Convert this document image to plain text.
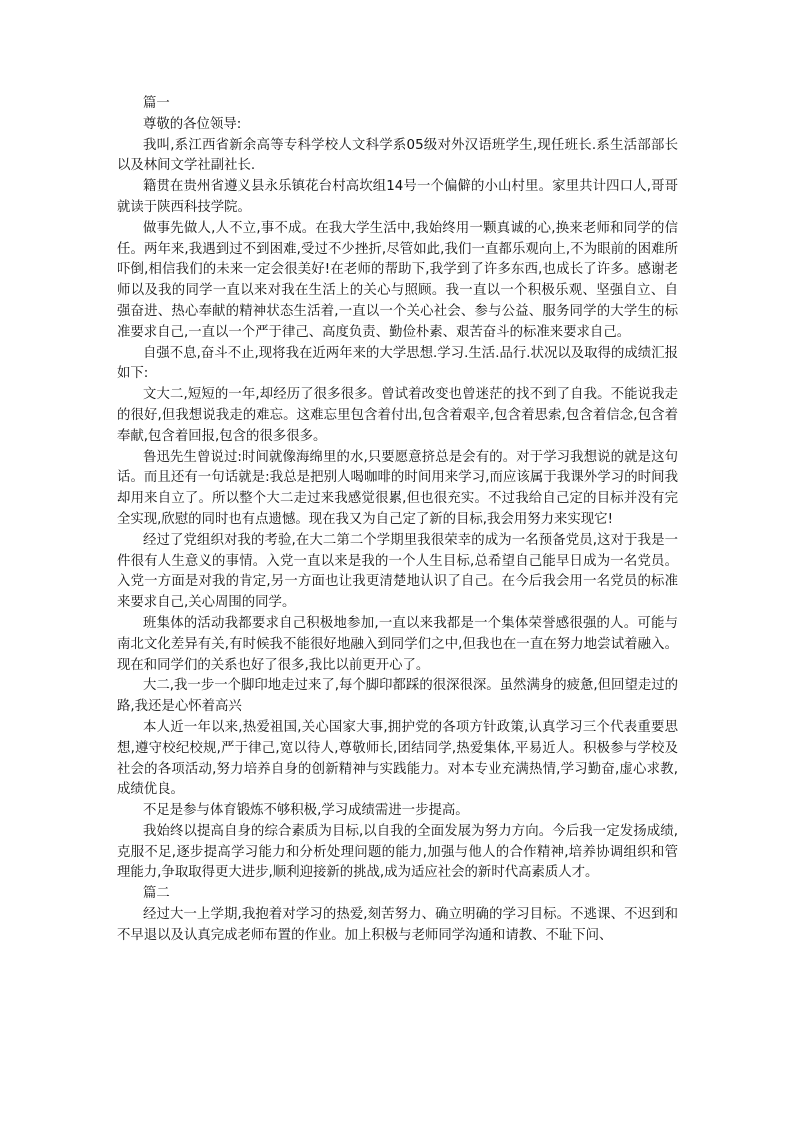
篇一

尊敬的各位领导:

我叫,系江西省新余高等专科学校人文科学系05级对外汉语班学生,现任班长.系生活部部长以及林间文学社副社长.

籍贯在贵州省遵义县永乐镇花台村高坎组14号一个偏僻的小山村里。家里共计四口人,哥哥就读于陕西科技学院。

做事先做人,人不立,事不成。在我大学生活中,我始终用一颗真诚的心,换来老师和同学的信任。两年来,我遇到过不到困难,受过不少挫折,尽管如此,我们一直都乐观向上,不为眼前的困难所吓倒,相信我们的未来一定会很美好!在老师的帮助下,我学到了许多东西,也成长了许多。感谢老师以及我的同学一直以来对我在生活上的关心与照顾。我一直以一个积极乐观、坚强自立、自强奋进、热心奉献的精神状态生活着,一直以一个关心社会、参与公益、服务同学的大学生的标准要求自己,一直以一个严于律己、高度负责、勤俭朴素、艰苦奋斗的标准来要求自己。

自强不息,奋斗不止,现将我在近两年来的大学思想.学习.生活.品行.状况以及取得的成绩汇报如下:

文大二,短短的一年,却经历了很多很多。曾试着改变也曾迷茫的找不到了自我。不能说我走的很好,但我想说我走的难忘。这难忘里包含着付出,包含着艰辛,包含着思索,包含着信念,包含着奉献,包含着回报,包含的很多很多。

鲁迅先生曾说过:时间就像海绵里的水,只要愿意挤总是会有的。对于学习我想说的就是这句话。而且还有一句话就是:我总是把别人喝咖啡的时间用来学习,而应该属于我课外学习的时间我却用来自立了。所以整个大二走过来我感觉很累,但也很充实。不过我给自己定的目标并没有完全实现,欣慰的同时也有点遗憾。现在我又为自己定了新的目标,我会用努力来实现它!

经过了党组织对我的考验,在大二第二个学期里我很荣幸的成为一名预备党员,这对于我是一件很有人生意义的事情。入党一直以来是我的一个人生目标,总希望自己能早日成为一名党员。入党一方面是对我的肯定,另一方面也让我更清楚地认识了自己。在今后我会用一名党员的标准来要求自己,关心周围的同学。

班集体的活动我都要求自己积极地参加,一直以来我都是一个集体荣誉感很强的人。可能与南北文化差异有关,有时候我不能很好地融入到同学们之中,但我也在一直在努力地尝试着融入。现在和同学们的关系也好了很多,我比以前更开心了。

大二,我一步一个脚印地走过来了,每个脚印都踩的很深很深。虽然满身的疲惫,但回望走过的路,我还是心怀着高兴

本人近一年以来,热爱祖国,关心国家大事,拥护党的各项方针政策,认真学习三个代表重要思想,遵守校纪校规,严于律己,宽以待人,尊敬师长,团结同学,热爱集体,平易近人。积极参与学校及社会的各项活动,努力培养自身的创新精神与实践能力。对本专业充满热情,学习勤奋,虚心求教,成绩优良。

不足是参与体育锻炼不够积极,学习成绩需进一步提高。

我始终以提高自身的综合素质为目标,以自我的全面发展为努力方向。今后我一定发扬成绩,克服不足,逐步提高学习能力和分析处理问题的能力,加强与他人的合作精神,培养协调组织和管理能力,争取取得更大进步,顺利迎接新的挑战,成为适应社会的新时代高素质人才。

篇二

经过大一上学期,我抱着对学习的热爱,刻苦努力、确立明确的学习目标。不逃课、不迟到和不早退以及认真完成老师布置的作业。加上积极与老师同学沟通和请教、不耻下问、
